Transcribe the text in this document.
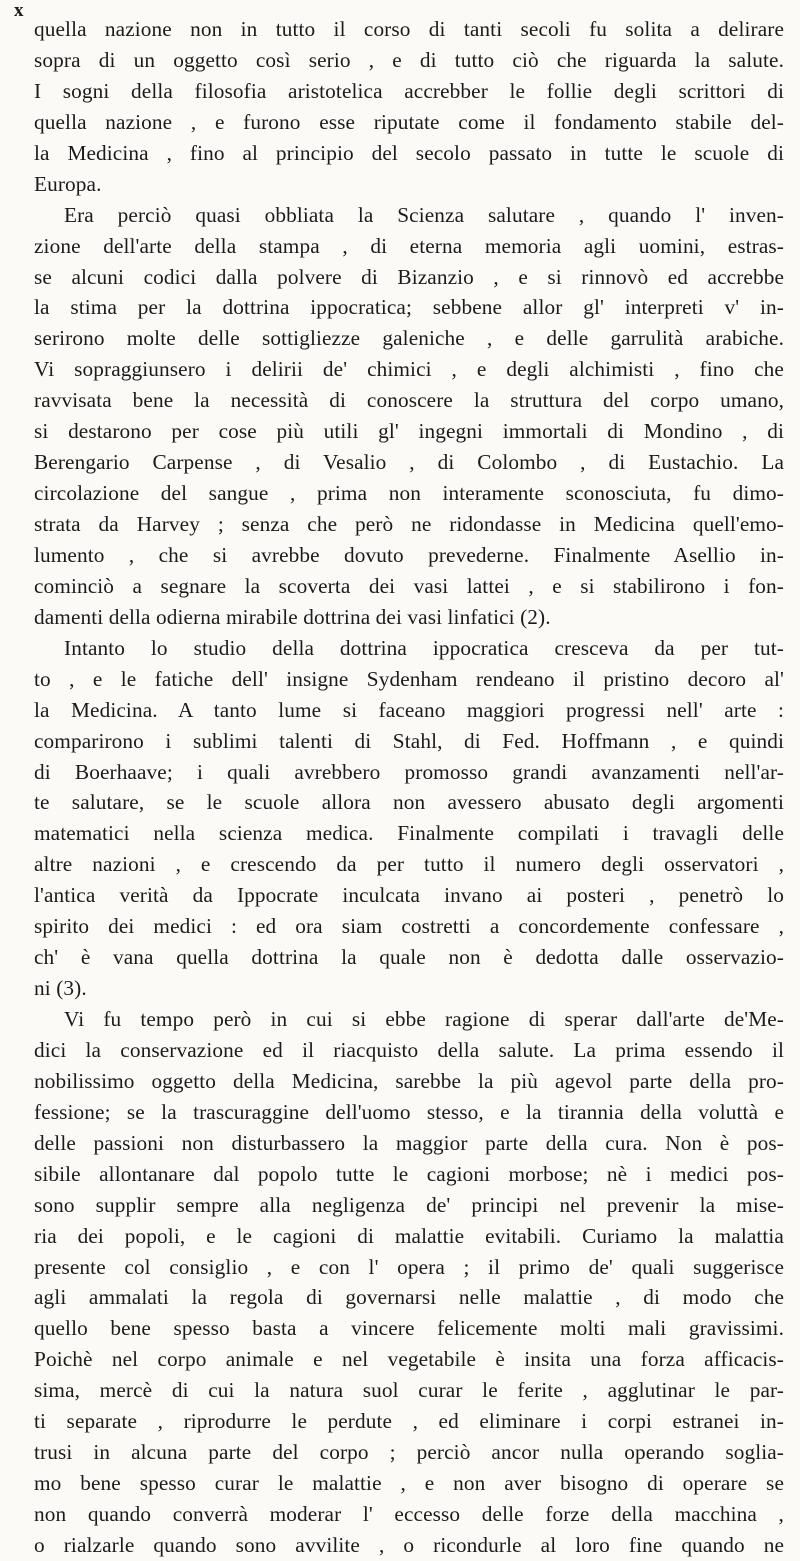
x
quella nazione non in tutto il corso di tanti secoli fu solita a delirare
sopra di un oggetto così serio , e di tutto ciò che riguarda la salute.
I sogni della filosofia aristotelica accrebber le follie degli scrittori di
quella nazione , e furono esse riputate come il fondamento stabile del-
la Medicina , fino al principio del secolo passato in tutte le scuole di
Europa.
Era perciò quasi obbliata la Scienza salutare , quando l' inven-
zione dell'arte della stampa , di eterna memoria agli uomini, estras-
se alcuni codici dalla polvere di Bizanzio , e si rinnovò ed accrebbe
la stima per la dottrina ippocratica; sebbene allor gl' interpreti v' in-
serirono molte delle sottigliezze galeniche , e delle garrulità arabiche.
Vi sopraggiunsero i delirii de' chimici , e degli alchimisti , fino che
ravvisata bene la necessità di conoscere la struttura del corpo umano,
si destarono per cose più utili gl' ingegni immortali di Mondino , di
Berengario Carpense , di Vesalio , di Colombo , di Eustachio. La
circolazione del sangue , prima non interamente sconosciuta, fu dimo-
strata da Harvey ; senza che però ne ridondasse in Medicina quell'emo-
lumento , che si avrebbe dovuto prevederne. Finalmente Asellio in-
cominciò a segnare la scoverta dei vasi lattei , e si stabilirono i fon-
damenti della odierna mirabile dottrina dei vasi linfatici (2).
Intanto lo studio della dottrina ippocratica cresceva da per tut-
to , e le fatiche dell' insigne Sydenham rendeano il pristino decoro al'
la Medicina. A tanto lume si faceano maggiori progressi nell' arte :
comparirono i sublimi talenti di Stahl, di Fed. Hoffmann , e quindi
di Boerhaave; i quali avrebbero promosso grandi avanzamenti nell'ar-
te salutare, se le scuole allora non avessero abusato degli argomenti
matematici nella scienza medica. Finalmente compilati i travagli delle
altre nazioni , e crescendo da per tutto il numero degli osservatori ,
l'antica verità da Ippocrate inculcata invano ai posteri , penetrò lo
spirito dei medici : ed ora siam costretti a concordemente confessare ,
ch' è vana quella dottrina la quale non è dedotta dalle osservazio-
ni (3).
Vi fu tempo però in cui si ebbe ragione di sperar dall'arte de'Me-
dici la conservazione ed il riacquisto della salute. La prima essendo il
nobilissimo oggetto della Medicina, sarebbe la più agevol parte della pro-
fessione; se la trascuraggine dell'uomo stesso, e la tirannia della voluttà e
delle passioni non disturbassero la maggior parte della cura. Non è pos-
sibile allontanare dal popolo tutte le cagioni morbose; nè i medici pos-
sono supplir sempre alla negligenza de' principi nel prevenir la mise-
ria dei popoli, e le cagioni di malattie evitabili. Curiamo la malattia
presente col consiglio , e con l' opera ; il primo de' quali suggerisce
agli ammalati la regola di governarsi nelle malattie , di modo che
quello bene spesso basta a vincere felicemente molti mali gravissimi.
Poichè nel corpo animale e nel vegetabile è insita una forza afficacis-
sima, mercè di cui la natura suol curar le ferite , agglutinar le par-
ti separate , riprodurre le perdute , ed eliminare i corpi estranei in-
trusi in alcuna parte del corpo ; perciò ancor nulla operando soglia-
mo bene spesso curar le malattie , e non aver bisogno di operare se
non quando converrà moderar l' eccesso delle forze della macchina ,
o rialzarle quando sono avvilite , o ricondurle al loro fine quando ne
